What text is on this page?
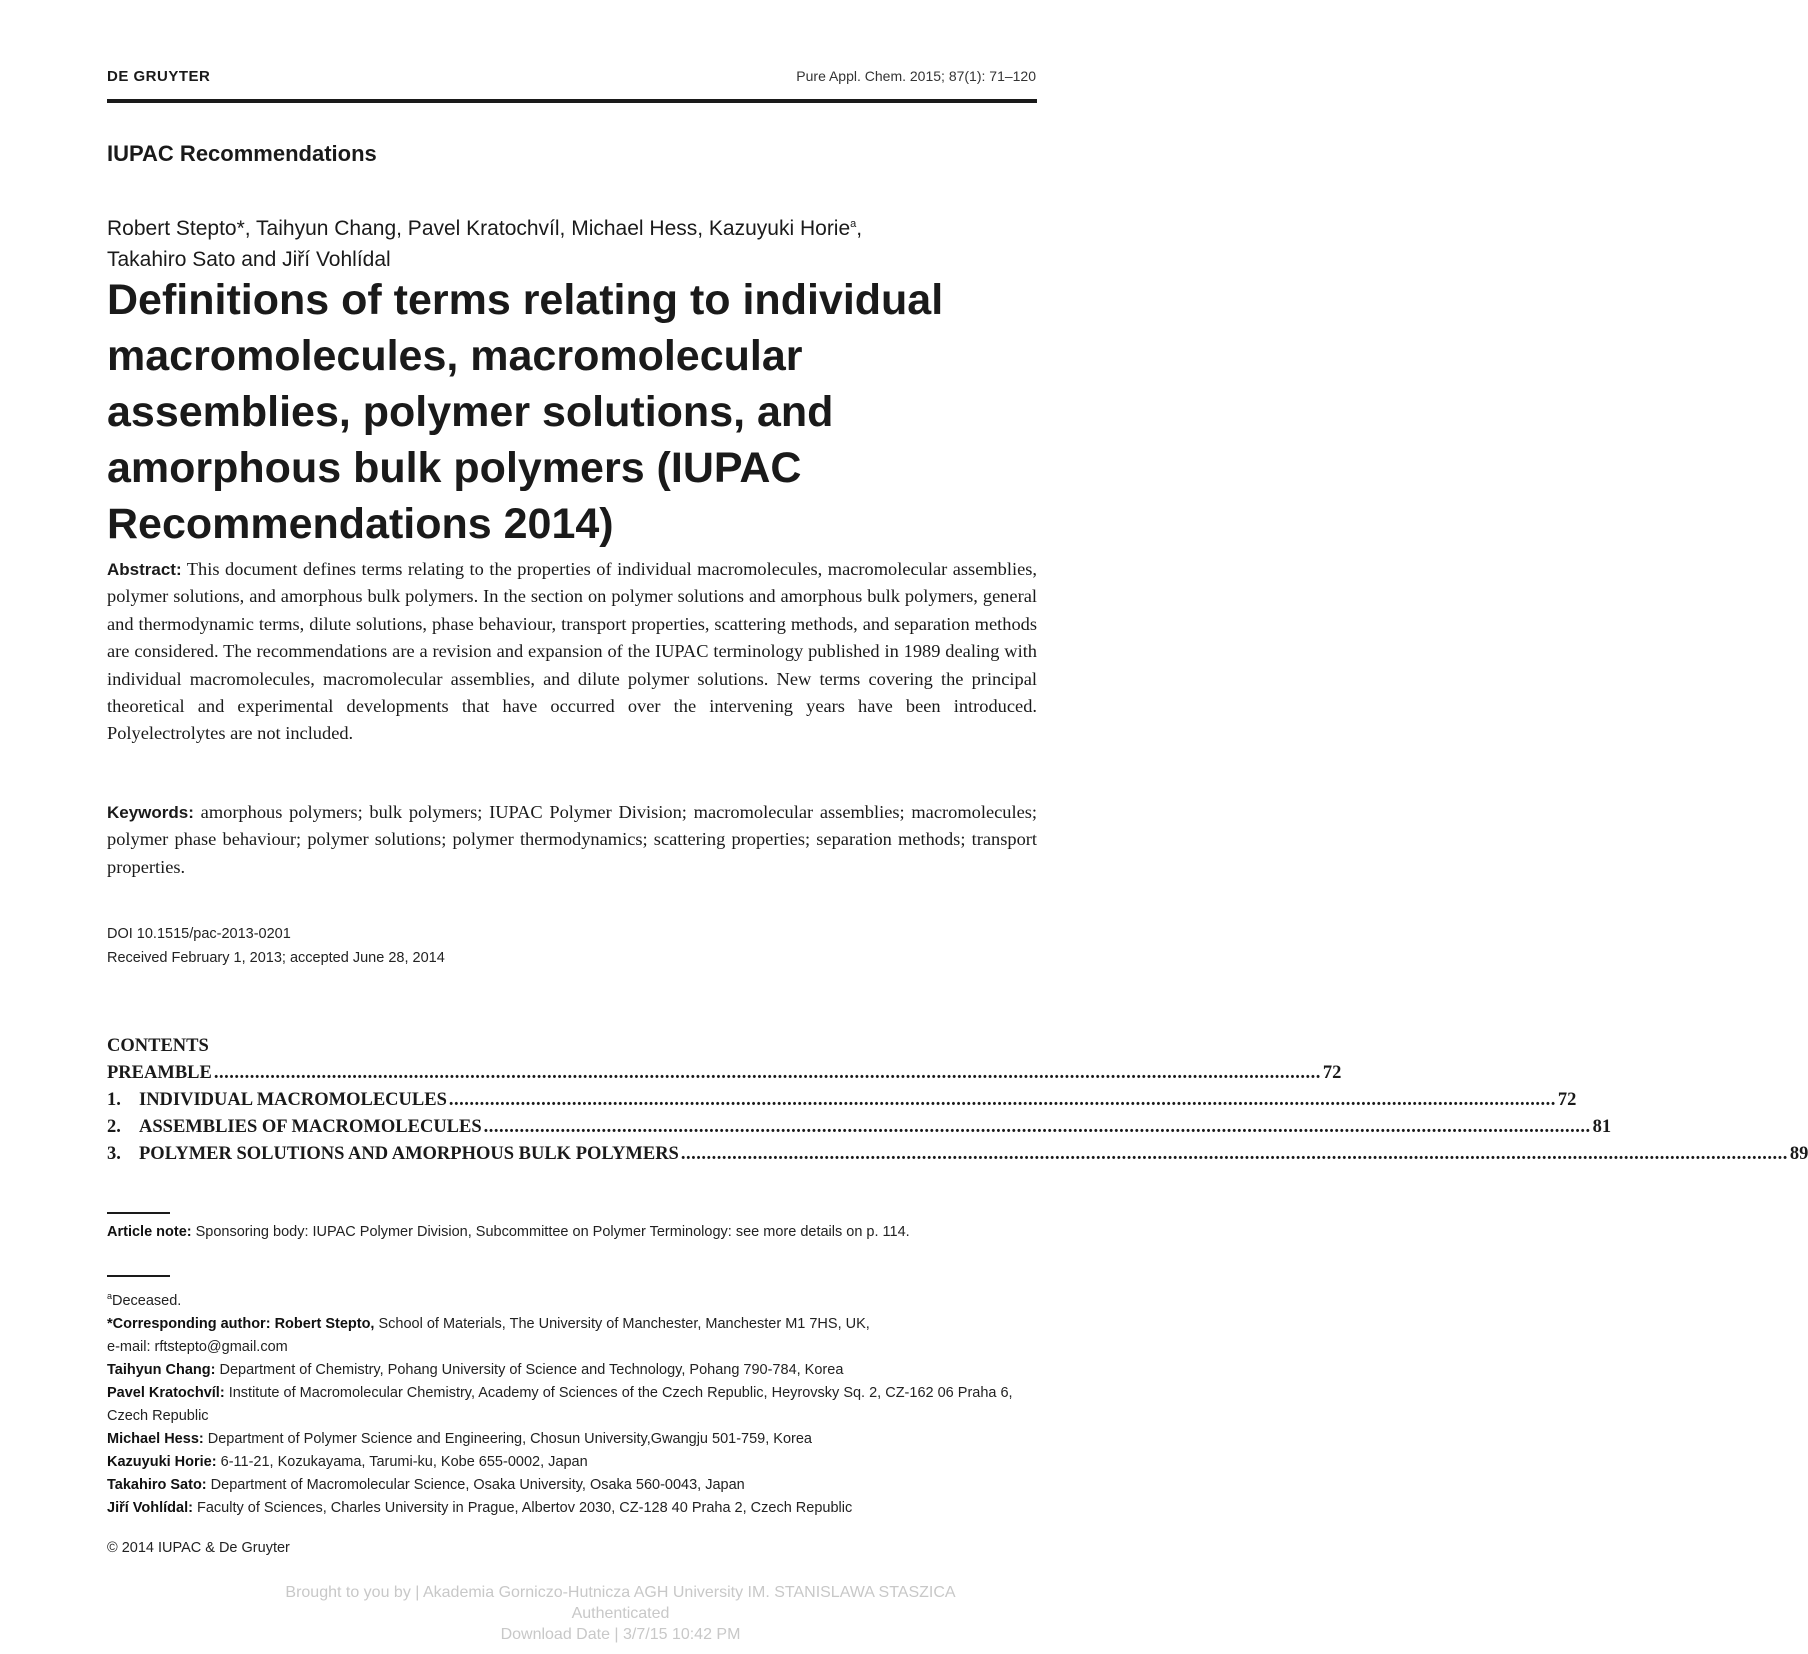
DE GRUYTER	Pure Appl. Chem. 2015; 87(1): 71–120
IUPAC Recommendations
Robert Stepto*, Taihyun Chang, Pavel Kratochvíl, Michael Hess, Kazuyuki Horie$^a$,
Takahiro Sato and Jiří Vohlídal
Definitions of terms relating to individual macromolecules, macromolecular assemblies, polymer solutions, and amorphous bulk polymers (IUPAC Recommendations 2014)
Abstract: This document defines terms relating to the properties of individual macromolecules, macromolecular assemblies, polymer solutions, and amorphous bulk polymers. In the section on polymer solutions and amorphous bulk polymers, general and thermodynamic terms, dilute solutions, phase behaviour, transport properties, scattering methods, and separation methods are considered. The recommendations are a revision and expansion of the IUPAC terminology published in 1989 dealing with individual macromolecules, macromolecular assemblies, and dilute polymer solutions. New terms covering the principal theoretical and experimental developments that have occurred over the intervening years have been introduced. Polyelectrolytes are not included.
Keywords: amorphous polymers; bulk polymers; IUPAC Polymer Division; macromolecular assemblies; macromolecules; polymer phase behaviour; polymer solutions; polymer thermodynamics; scattering properties; separation methods; transport properties.
DOI 10.1515/pac-2013-0201
Received February 1, 2013; accepted June 28, 2014
CONTENTS
PREAMBLE ........................................................................................................................................................................................................................ 72
1. INDIVIDUAL MACROMOLECULES ........................................................................................................................................................................................................................ 72
2. ASSEMBLIES OF MACROMOLECULES ........................................................................................................................................................................................................................ 81
3. POLYMER SOLUTIONS AND AMORPHOUS BULK POLYMERS ........................................................................................................................................................................................................................ 89
Article note: Sponsoring body: IUPAC Polymer Division, Subcommittee on Polymer Terminology: see more details on p. 114.
$^a$Deceased.
*Corresponding author: Robert Stepto, School of Materials, The University of Manchester, Manchester M1 7HS, UK,
e-mail: rftstepto@gmail.com
Taihyun Chang: Department of Chemistry, Pohang University of Science and Technology, Pohang 790-784, Korea
Pavel Kratochvíl: Institute of Macromolecular Chemistry, Academy of Sciences of the Czech Republic, Heyrovsky Sq. 2, CZ-162 06 Praha 6, Czech Republic
Michael Hess: Department of Polymer Science and Engineering, Chosun University,Gwangju 501-759, Korea
Kazuyuki Horie: 6-11-21, Kozukayama, Tarumi-ku, Kobe 655-0002, Japan
Takahiro Sato: Department of Macromolecular Science, Osaka University, Osaka 560-0043, Japan
Jiří Vohlídal: Faculty of Sciences, Charles University in Prague, Albertov 2030, CZ-128 40 Praha 2, Czech Republic
© 2014 IUPAC & De Gruyter
Brought to you by | Akademia Gorniczo-Hutnicza AGH University IM. STANISLAWA STASZICA
Authenticated
Download Date | 3/7/15 10:42 PM
